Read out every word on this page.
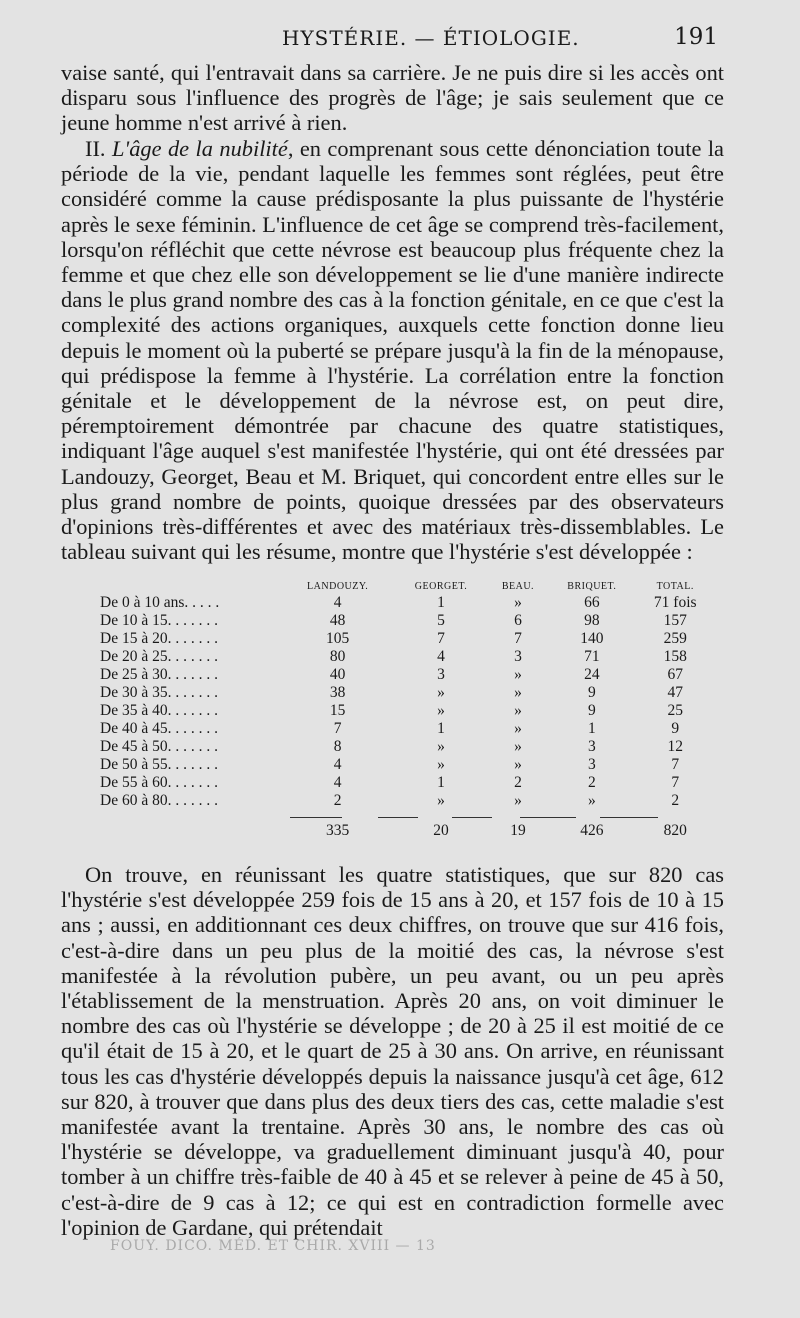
HYSTÉRIE. — ÉTIOLOGIE.	191
vaise santé, qui l'entravait dans sa carrière. Je ne puis dire si les accès ont disparu sous l'influence des progrès de l'âge; je sais seulement que ce jeune homme n'est arrivé à rien.
II. L'âge de la nubilité, en comprenant sous cette dénonciation toute la période de la vie, pendant laquelle les femmes sont réglées, peut être considéré comme la cause prédisposante la plus puissante de l'hystérie après le sexe féminin. L'influence de cet âge se comprend très-facilement, lorsqu'on réfléchit que cette névrose est beaucoup plus fréquente chez la femme et que chez elle son développement se lie d'une manière indirecte dans le plus grand nombre des cas à la fonction génitale, en ce que c'est la complexité des actions organiques, auxquels cette fonction donne lieu depuis le moment où la puberté se prépare jusqu'à la fin de la ménopause, qui prédispose la femme à l'hystérie. La corrélation entre la fonction génitale et le développement de la névrose est, on peut dire, péremptoirement démontrée par chacune des quatre statistiques, indiquant l'âge auquel s'est manifestée l'hystérie, qui ont été dressées par Landouzy, Georget, Beau et M. Briquet, qui concordent entre elles sur le plus grand nombre de points, quoique dressées par des observateurs d'opinions très-différentes et avec des matériaux très-dissemblables. Le tableau suivant qui les résume, montre que l'hystérie s'est développée :
	LANDOUZY.	GEORGET.	BEAU.	BRIQUET.	TOTAL.
De 0 à 10 ans. . . . .	4	1	»	66	71 fois
De 10 à 15. . . . . . .	48	5	6	98	157
De 15 à 20. . . . . . .	105	7	7	140	259
De 20 à 25. . . . . . .	80	4	3	71	158
De 25 à 30. . . . . . .	40	3	»	24	67
De 30 à 35. . . . . . .	38	»	»	9	47
De 35 à 40. . . . . . .	15	»	»	9	25
De 40 à 45. . . . . . .	7	1	»	1	9
De 45 à 50. . . . . . .	8	»	»	3	12
De 50 à 55. . . . . . .	4	»	»	3	7
De 55 à 60. . . . . . .	4	1	2	2	7
De 60 à 80. . . . . . .	2	»	»	»	2
	335	20	19	426	820
On trouve, en réunissant les quatre statistiques, que sur 820 cas l'hystérie s'est développée 259 fois de 15 ans à 20, et 157 fois de 10 à 15 ans ; aussi, en additionnant ces deux chiffres, on trouve que sur 416 fois, c'est-à-dire dans un peu plus de la moitié des cas, la névrose s'est manifestée à la révolution pubère, un peu avant, ou un peu après l'établissement de la menstruation. Après 20 ans, on voit diminuer le nombre des cas où l'hystérie se développe ; de 20 à 25 il est moitié de ce qu'il était de 15 à 20, et le quart de 25 à 30 ans. On arrive, en réunissant tous les cas d'hystérie développés depuis la naissance jusqu'à cet âge, 612 sur 820, à trouver que dans plus des deux tiers des cas, cette maladie s'est manifestée avant la trentaine. Après 30 ans, le nombre des cas où l'hystérie se développe, va graduellement diminuant jusqu'à 40, pour tomber à un chiffre très-faible de 40 à 45 et se relever à peine de 45 à 50, c'est-à-dire de 9 cas à 12; ce qui est en contradiction formelle avec l'opinion de Gardane, qui prétendait
FOUY. DICO. MÉD. ET CHIR. XVIII — 13
